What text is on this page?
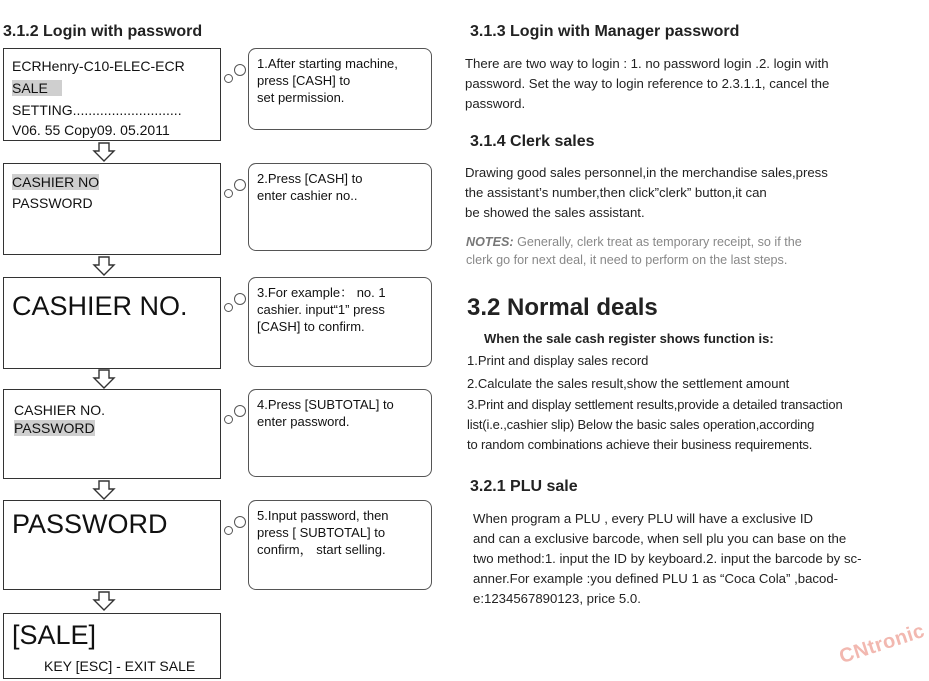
3.1.2 Login with password
ECRHenry-C10-ELEC-ECR
SALE
SETTING............................
V06. 55 Copy09. 05.2011
CASHIER NO
PASSWORD
CASHIER NO.
CASHIER NO.
PASSWORD
PASSWORD
[SALE]
KEY [ESC] - EXIT SALE
1.After starting machine,
press [CASH] to
set permission.
2.Press [CASH] to
enter cashier no..
3.For example： no. 1
cashier. input“1” press
[CASH] to confirm.
4.Press [SUBTOTAL] to
enter password.
5.Input password, then
press [ SUBTOTAL] to
confirm， start selling.
3.1.3 Login with Manager password
There are two way to login : 1. no password login .2. login with
password. Set the way to login reference to 2.3.1.1, cancel the
password.
3.1.4 Clerk sales
Drawing good sales personnel,in the merchandise sales,press
the assistant’s number,then click”clerk” button,it can
be showed the sales assistant.
NOTES: Generally, clerk treat as temporary receipt, so if the
clerk go for next deal, it need to perform on the last steps.
3.2 Normal deals
When the sale cash register shows function is:
1.Print and display sales record
2.Calculate the sales result,show the settlement amount
3.Print and display settlement results,provide a detailed transaction
list(i.e.,cashier slip) Below the basic sales operation,according
to random combinations achieve their business requirements.
3.2.1 PLU sale
When program a PLU , every PLU will have a exclusive ID
and can a exclusive barcode, when sell plu you can base on the
two method:1. input the ID by keyboard.2. input the barcode by sc-
anner.For example :you defined PLU 1 as “Coca Cola” ,bacod-
e:1234567890123, price 5.0.
CNtronic
